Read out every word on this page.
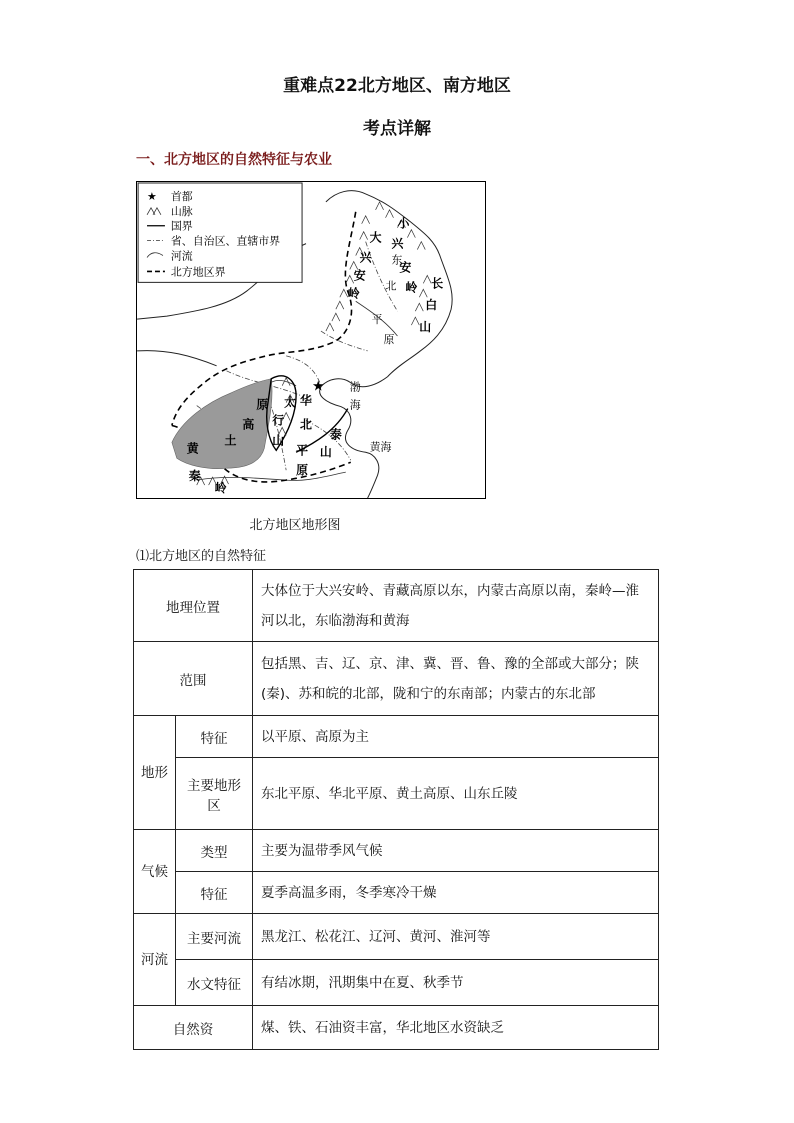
重难点22北方地区、南方地区
考点详解
一、北方地区的自然特征与农业
★
★ 首都
山脉
国界
省、自治区、直辖市界
河流
北方地区界
大
兴
安
岭
小
兴
安
岭 长
白
山
华
北
平
原
太
行
山
黄
土
高
原
泰
山
秦
岭
东
北
平
原
渤
海
黄海
北方地区地形图
⑴北方地区的自然特征
地理位置		大体位于大兴安岭、青藏高原以东，内蒙古高原以南，秦岭—淮河以北，东临渤海和黄海
范围		包括黑、吉、辽、京、津、冀、晋、鲁、豫的全部或大部分；陕(秦)、苏和皖的北部，陇和宁的东南部；内蒙古的东北部
地形	特征	以平原、高原为主
	主要地形区	东北平原、华北平原、黄土高原、山东丘陵
气候	类型	主要为温带季风气候
	特征	夏季高温多雨，冬季寒冷干燥
河流	主要河流	黑龙江、松花江、辽河、黄河、淮河等
	水文特征	有结冰期，汛期集中在夏、秋季节
自然资		煤、铁、石油资丰富，华北地区水资缺乏
